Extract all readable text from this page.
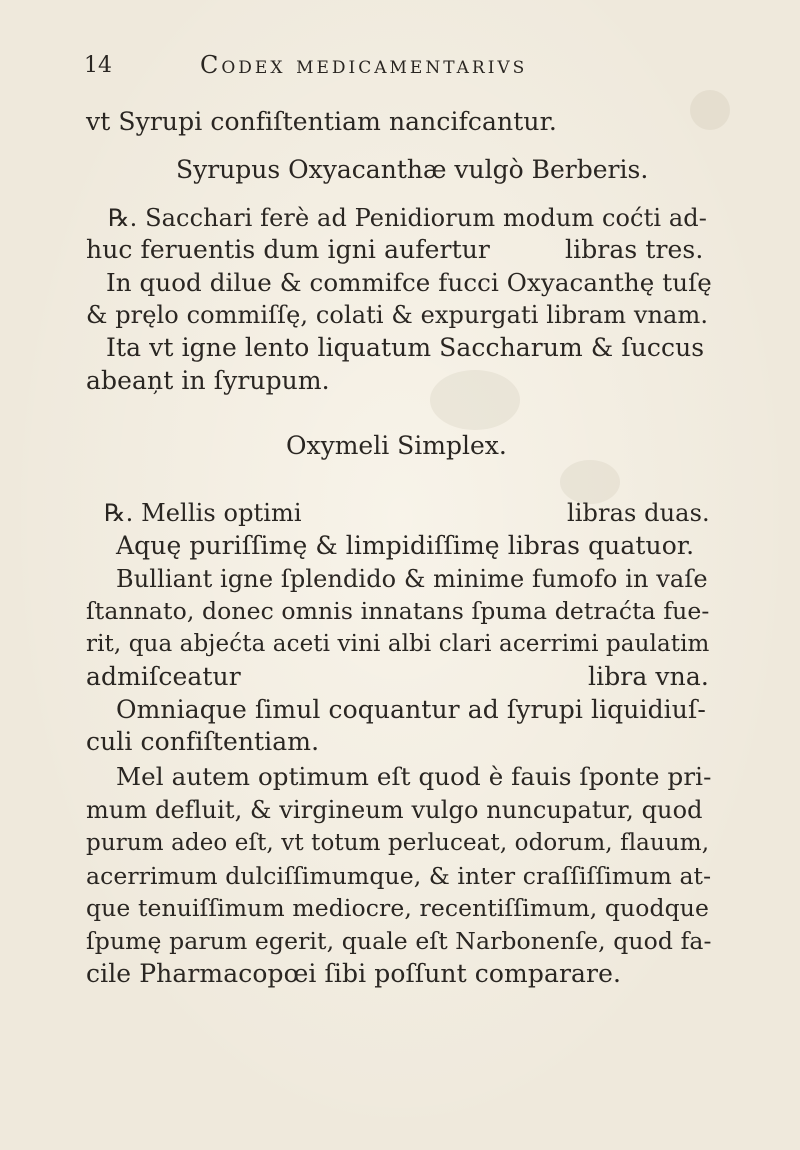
14	Codex medicamentarivs
vt Syrupi confiſtentiam nancifcantur.
Syrupus Oxyacanthæ vulgò Berberis.
℞. Sacchari ferè ad Penidiorum modum coćti ad-
huc feruentis dum igni aufertur	libras tres.
In quod dilue & commifce fucci Oxyacanthę tuſę
& pręlo commiſſę, colati & expurgati libram vnam.
Ita vt igne lento liquatum Saccharum & ſuccus
abeaņt in ſyrupum.
Oxymeli Simplex.
℞. Mellis optimi	libras duas.
Aquę puriſſimę & limpidiſſimę libras quatuor.
Bulliant igne ſplendido & minime fumofo in vaſe
ſtannato, donec omnis innatans ſpuma detraćta fue-
rit, qua abjećta aceti vini albi clari acerrimi paulatim
admiſceatur	libra vna.
Omniaque ſimul coquantur ad ſyrupi liquidiuſ-
culi confiſtentiam.
Mel autem optimum eſt quod è fauis ſponte pri-
mum defluit, & virgineum vulgo nuncupatur, quod
purum adeo eſt, vt totum perluceat, odorum, flauum,
acerrimum dulciſſimumque, & inter craſſiſſimum at-
que tenuiſſimum mediocre, recentiſſimum, quodque
ſpumę parum egerit, quale eſt Narbonenſe, quod fa-
cile Pharmacopœi ſibi poſſunt comparare.
